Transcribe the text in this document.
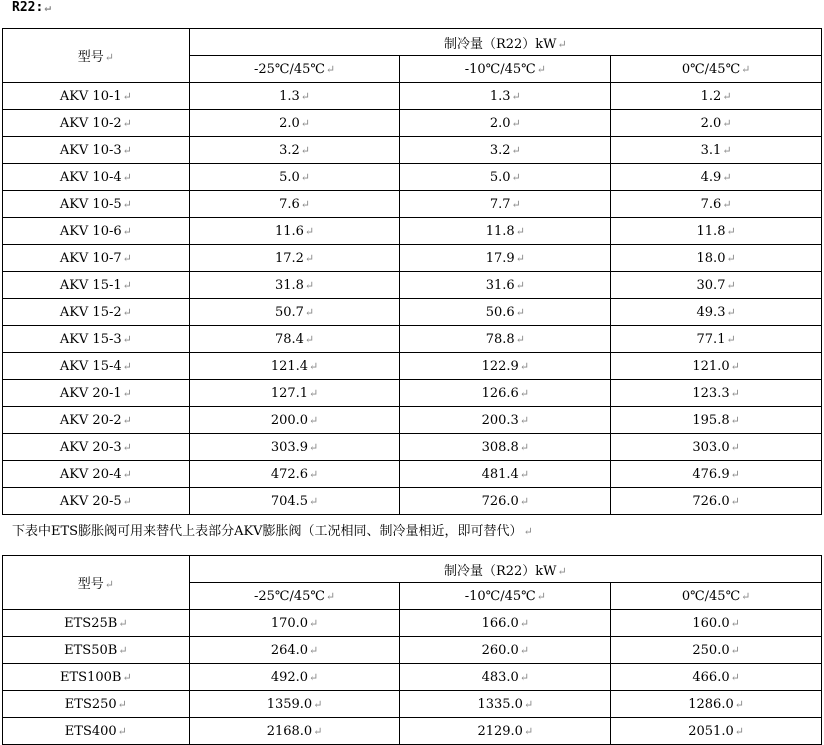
R22:↵
型号↵	制冷量（R22）kW↵		
	-25℃/45℃↵	-10℃/45℃↵	0℃/45℃↵
AKV 10-1↵	1.3↵	1.3↵	1.2↵
AKV 10-2↵	2.0↵	2.0↵	2.0↵
AKV 10-3↵	3.2↵	3.2↵	3.1↵
AKV 10-4↵	5.0↵	5.0↵	4.9↵
AKV 10-5↵	7.6↵	7.7↵	7.6↵
AKV 10-6↵	11.6↵	11.8↵	11.8↵
AKV 10-7↵	17.2↵	17.9↵	18.0↵
AKV 15-1↵	31.8↵	31.6↵	30.7↵
AKV 15-2↵	50.7↵	50.6↵	49.3↵
AKV 15-3↵	78.4↵	78.8↵	77.1↵
AKV 15-4↵	121.4↵	122.9↵	121.0↵
AKV 20-1↵	127.1↵	126.6↵	123.3↵
AKV 20-2↵	200.0↵	200.3↵	195.8↵
AKV 20-3↵	303.9↵	308.8↵	303.0↵
AKV 20-4↵	472.6↵	481.4↵	476.9↵
AKV 20-5↵	704.5↵	726.0↵	726.0↵
下表中ETS膨胀阀可用来替代上表部分AKV膨胀阀（工况相同、制冷量相近，即可替代）↵
型号↵	制冷量（R22）kW↵		
	-25℃/45℃↵	-10℃/45℃↵	0℃/45℃↵
ETS25B↵	170.0↵	166.0↵	160.0↵
ETS50B↵	264.0↵	260.0↵	250.0↵
ETS100B↵	492.0↵	483.0↵	466.0↵
ETS250↵	1359.0↵	1335.0↵	1286.0↵
ETS400↵	2168.0↵	2129.0↵	2051.0↵
